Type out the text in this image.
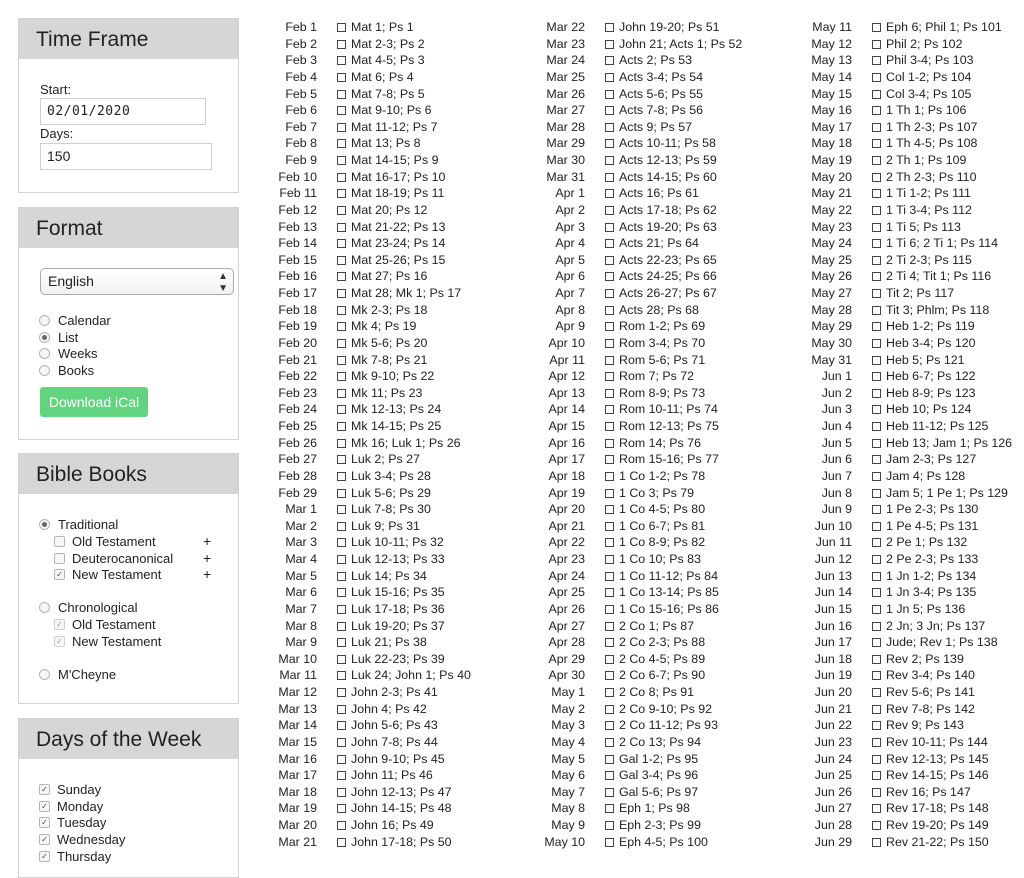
Time Frame
Start:
02/01/2020
Days:
150
Format
English	▲
▼
Calendar
List
Weeks
Books
Download iCal
Bible Books
Traditional
Old Testament	+
Deuterocanonical +
✓ New Testament	+
Chronological
✓ Old Testament
✓ New Testament
M'Cheyne
Days of the Week
✓ Sunday
✓ Monday
✓ Tuesday
✓ Wednesday
✓ Thursday
Feb 1	Mat 1; Ps 1
Feb 2	Mat 2-3; Ps 2
Feb 3	Mat 4-5; Ps 3
Feb 4	Mat 6; Ps 4
Feb 5	Mat 7-8; Ps 5
Feb 6	Mat 9-10; Ps 6
Feb 7	Mat 11-12; Ps 7
Feb 8	Mat 13; Ps 8
Feb 9	Mat 14-15; Ps 9
Feb 10	Mat 16-17; Ps 10
Feb 11	Mat 18-19; Ps 11
Feb 12	Mat 20; Ps 12
Feb 13	Mat 21-22; Ps 13
Feb 14	Mat 23-24; Ps 14
Feb 15	Mat 25-26; Ps 15
Feb 16	Mat 27; Ps 16
Feb 17	Mat 28; Mk 1; Ps 17
Feb 18	Mk 2-3; Ps 18
Feb 19	Mk 4; Ps 19
Feb 20	Mk 5-6; Ps 20
Feb 21	Mk 7-8; Ps 21
Feb 22	Mk 9-10; Ps 22
Feb 23	Mk 11; Ps 23
Feb 24	Mk 12-13; Ps 24
Feb 25	Mk 14-15; Ps 25
Feb 26	Mk 16; Luk 1; Ps 26
Feb 27	Luk 2; Ps 27
Feb 28	Luk 3-4; Ps 28
Feb 29	Luk 5-6; Ps 29
Mar 1	Luk 7-8; Ps 30
Mar 2	Luk 9; Ps 31
Mar 3	Luk 10-11; Ps 32
Mar 4	Luk 12-13; Ps 33
Mar 5	Luk 14; Ps 34
Mar 6	Luk 15-16; Ps 35
Mar 7	Luk 17-18; Ps 36
Mar 8	Luk 19-20; Ps 37
Mar 9	Luk 21; Ps 38
Mar 10	Luk 22-23; Ps 39
Mar 11	Luk 24; John 1; Ps 40
Mar 12	John 2-3; Ps 41
Mar 13	John 4; Ps 42
Mar 14	John 5-6; Ps 43
Mar 15	John 7-8; Ps 44
Mar 16	John 9-10; Ps 45
Mar 17	John 11; Ps 46
Mar 18	John 12-13; Ps 47
Mar 19	John 14-15; Ps 48
Mar 20	John 16; Ps 49
Mar 21	John 17-18; Ps 50
Mar 22	John 19-20; Ps 51
Mar 23	John 21; Acts 1; Ps 52
Mar 24	Acts 2; Ps 53
Mar 25	Acts 3-4; Ps 54
Mar 26	Acts 5-6; Ps 55
Mar 27	Acts 7-8; Ps 56
Mar 28	Acts 9; Ps 57
Mar 29	Acts 10-11; Ps 58
Mar 30	Acts 12-13; Ps 59
Mar 31	Acts 14-15; Ps 60
Apr 1	Acts 16; Ps 61
Apr 2	Acts 17-18; Ps 62
Apr 3	Acts 19-20; Ps 63
Apr 4	Acts 21; Ps 64
Apr 5	Acts 22-23; Ps 65
Apr 6	Acts 24-25; Ps 66
Apr 7	Acts 26-27; Ps 67
Apr 8	Acts 28; Ps 68
Apr 9	Rom 1-2; Ps 69
Apr 10	Rom 3-4; Ps 70
Apr 11	Rom 5-6; Ps 71
Apr 12	Rom 7; Ps 72
Apr 13	Rom 8-9; Ps 73
Apr 14	Rom 10-11; Ps 74
Apr 15	Rom 12-13; Ps 75
Apr 16	Rom 14; Ps 76
Apr 17	Rom 15-16; Ps 77
Apr 18	1 Co 1-2; Ps 78
Apr 19	1 Co 3; Ps 79
Apr 20	1 Co 4-5; Ps 80
Apr 21	1 Co 6-7; Ps 81
Apr 22	1 Co 8-9; Ps 82
Apr 23	1 Co 10; Ps 83
Apr 24	1 Co 11-12; Ps 84
Apr 25	1 Co 13-14; Ps 85
Apr 26	1 Co 15-16; Ps 86
Apr 27	2 Co 1; Ps 87
Apr 28	2 Co 2-3; Ps 88
Apr 29	2 Co 4-5; Ps 89
Apr 30	2 Co 6-7; Ps 90
May 1	2 Co 8; Ps 91
May 2	2 Co 9-10; Ps 92
May 3	2 Co 11-12; Ps 93
May 4	2 Co 13; Ps 94
May 5	Gal 1-2; Ps 95
May 6	Gal 3-4; Ps 96
May 7	Gal 5-6; Ps 97
May 8	Eph 1; Ps 98
May 9	Eph 2-3; Ps 99
May 10	Eph 4-5; Ps 100
May 11	Eph 6; Phil 1; Ps 101
May 12	Phil 2; Ps 102
May 13	Phil 3-4; Ps 103
May 14	Col 1-2; Ps 104
May 15	Col 3-4; Ps 105
May 16	1 Th 1; Ps 106
May 17	1 Th 2-3; Ps 107
May 18	1 Th 4-5; Ps 108
May 19	2 Th 1; Ps 109
May 20	2 Th 2-3; Ps 110
May 21	1 Ti 1-2; Ps 111
May 22	1 Ti 3-4; Ps 112
May 23	1 Ti 5; Ps 113
May 24	1 Ti 6; 2 Ti 1; Ps 114
May 25	2 Ti 2-3; Ps 115
May 26	2 Ti 4; Tit 1; Ps 116
May 27	Tit 2; Ps 117
May 28	Tit 3; Phlm; Ps 118
May 29	Heb 1-2; Ps 119
May 30	Heb 3-4; Ps 120
May 31	Heb 5; Ps 121
Jun 1	Heb 6-7; Ps 122
Jun 2	Heb 8-9; Ps 123
Jun 3	Heb 10; Ps 124
Jun 4	Heb 11-12; Ps 125
Jun 5	Heb 13; Jam 1; Ps 126
Jun 6	Jam 2-3; Ps 127
Jun 7	Jam 4; Ps 128
Jun 8	Jam 5; 1 Pe 1; Ps 129
Jun 9	1 Pe 2-3; Ps 130
Jun 10	1 Pe 4-5; Ps 131
Jun 11	2 Pe 1; Ps 132
Jun 12	2 Pe 2-3; Ps 133
Jun 13	1 Jn 1-2; Ps 134
Jun 14	1 Jn 3-4; Ps 135
Jun 15	1 Jn 5; Ps 136
Jun 16	2 Jn; 3 Jn; Ps 137
Jun 17	Jude; Rev 1; Ps 138
Jun 18	Rev 2; Ps 139
Jun 19	Rev 3-4; Ps 140
Jun 20	Rev 5-6; Ps 141
Jun 21	Rev 7-8; Ps 142
Jun 22	Rev 9; Ps 143
Jun 23	Rev 10-11; Ps 144
Jun 24	Rev 12-13; Ps 145
Jun 25	Rev 14-15; Ps 146
Jun 26	Rev 16; Ps 147
Jun 27	Rev 17-18; Ps 148
Jun 28	Rev 19-20; Ps 149
Jun 29	Rev 21-22; Ps 150
